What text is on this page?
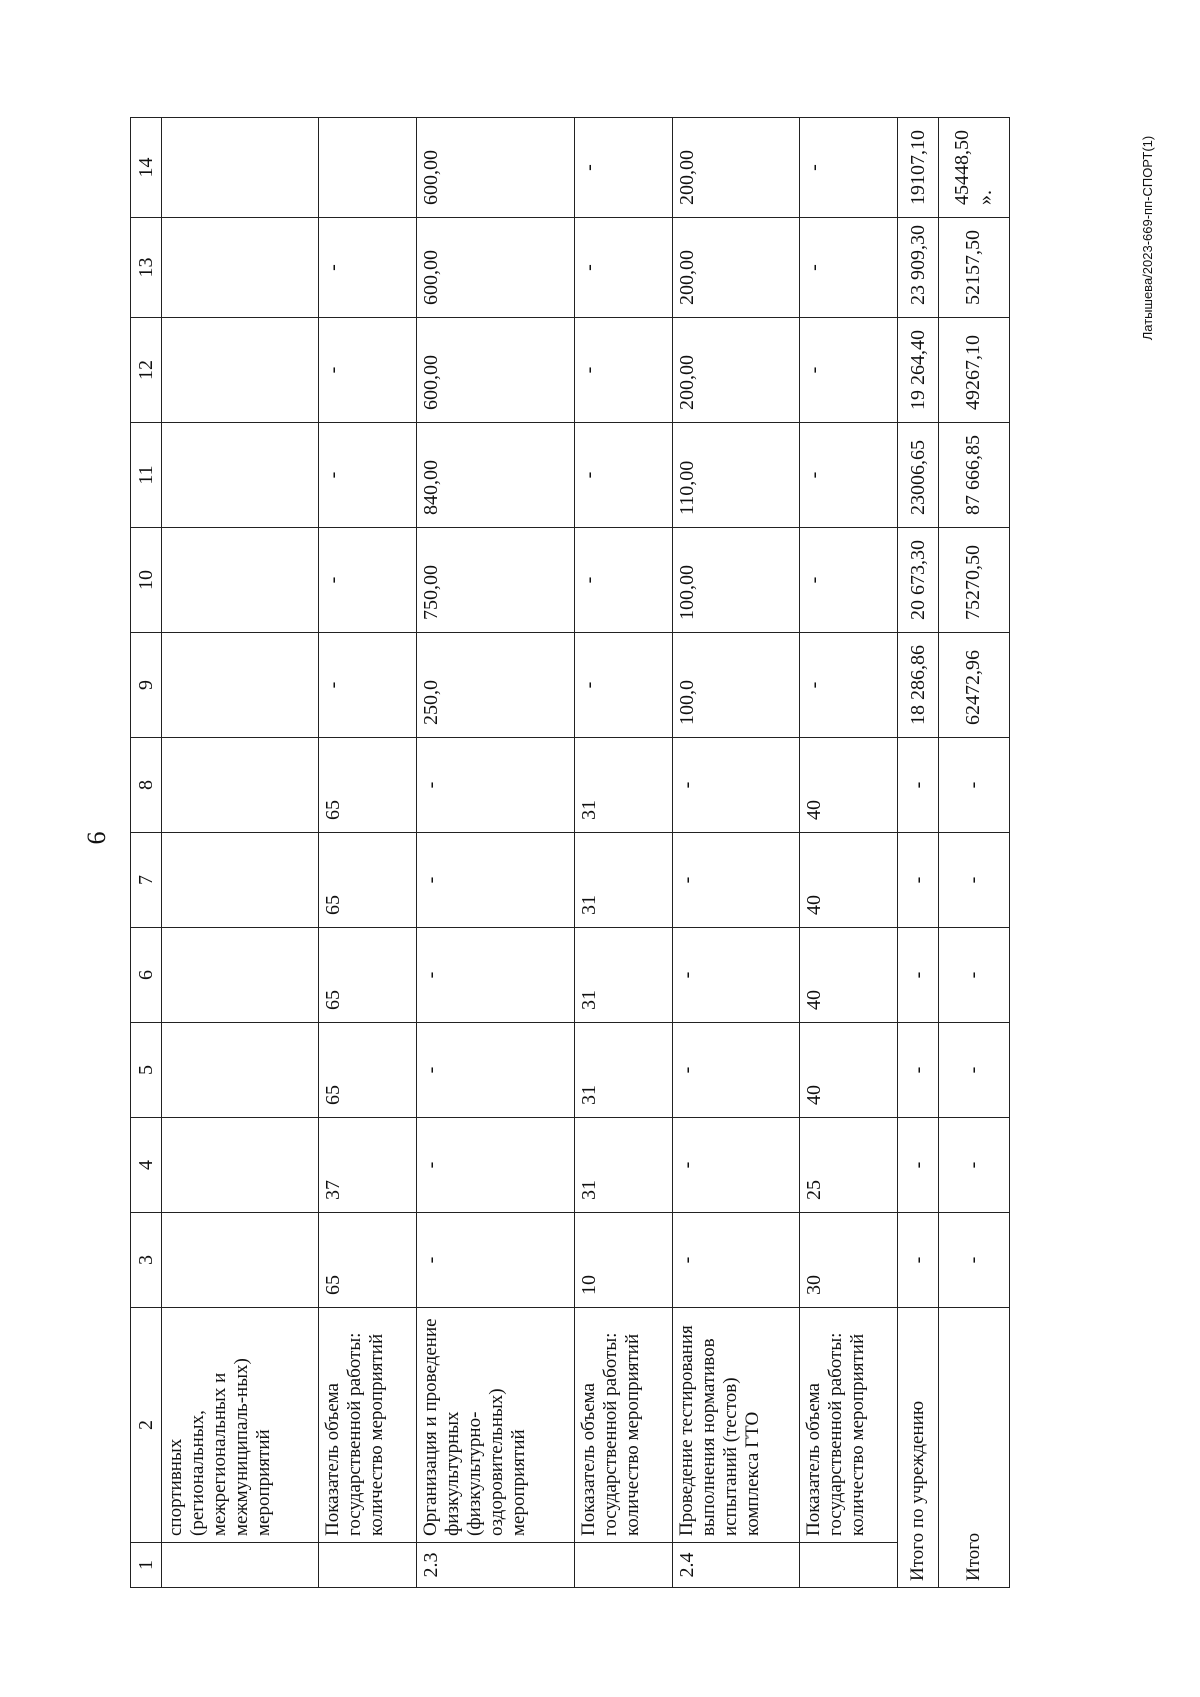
6
Латышева/2023-669-пп-СПОРТ(1)
1	2	3	4	5	6	7	8	9	10	11	12	13	14
	спортивных (региональных, межрегиональных и межмуниципаль-ных) мероприятий												
	Показатель объема государственной работы: количество мероприятий	65	37	65	65	65	65	-	-	-	-	-	
2.3	Организация и проведение физкультурных (физкультурно-оздоровительных) мероприятий	-	-	-	-	-	-	250,0	750,00	840,00	600,00	600,00	600,00
	Показатель объема государственной работы: количество мероприятий	10	31	31	31	31	31	-	-	-	-	-	-
2.4	Проведение тестирования выполнения нормативов испытаний (тестов) комплекса ГТО	-	-	-	-	-	-	100,0	100,00	110,00	200,00	200,00	200,00
	Показатель объема государственной работы: количество мероприятий	30	25	40	40	40	40	-	-	-	-	-	-
Итого по учреждению		-	-	-	-	-	-	18 286,86	20 673,30	23006,65	19 264,40	23 909,30	19107,10
Итого		-	-	-	-	-	-	62472,96	75270,50	87 666,85	49267,10	52157,50	45448,50».
